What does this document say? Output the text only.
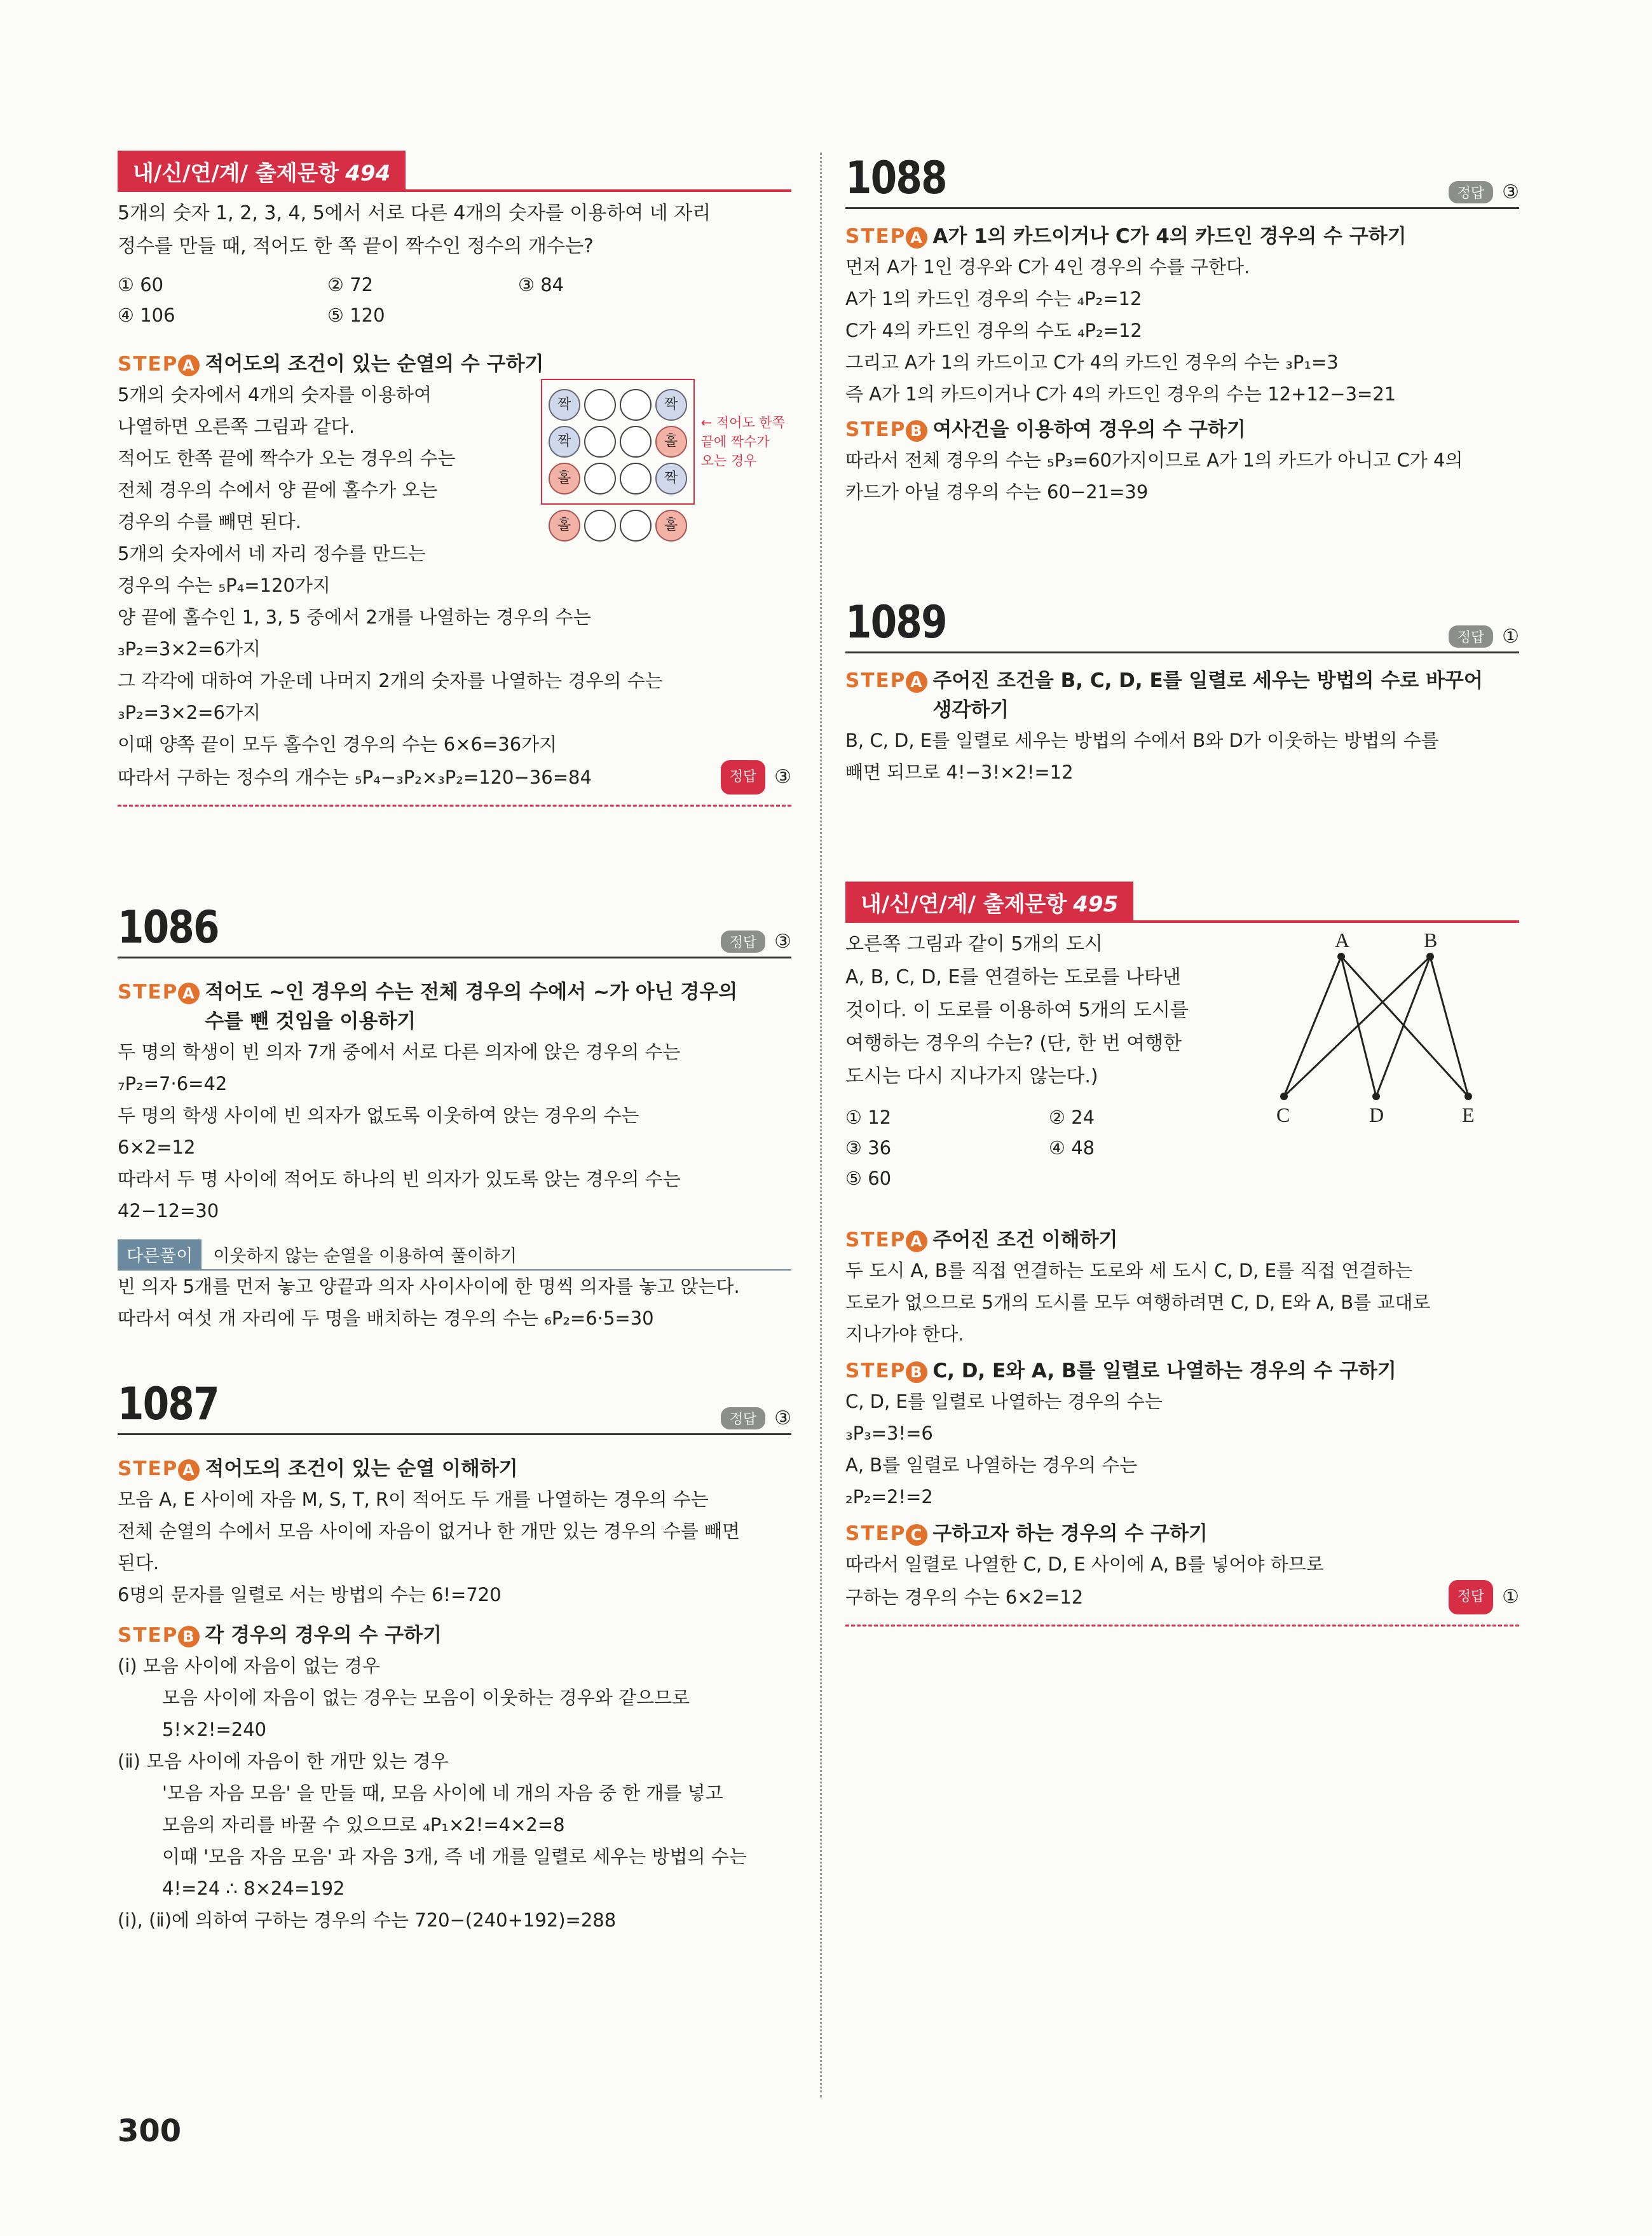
내/신/연/계/ 출제문항 494

5개의 숫자 1, 2, 3, 4, 5에서 서로 다른 4개의 숫자를 이용하여 네 자리

정수를 만들 때, 적어도 한 쪽 끝이 짝수인 정수의 개수는?

① 60	② 72	③ 84
④ 106	⑤ 120
STEP A 적어도의 조건이 있는 순열의 수 구하기

5개의 숫자에서 4개의 숫자를 이용하여

나열하면 오른쪽 그림과 같다.

적어도 한쪽 끝에 짝수가 오는 경우의 수는

전체 경우의 수에서 양 끝에 홀수가 오는

경우의 수를 빼면 된다.

5개의 숫자에서 네 자리 정수를 만드는

경우의 수는 ₅P₄=120가지

양 끝에 홀수인 1, 3, 5 중에서 2개를 나열하는 경우의 수는

₃P₂=3×2=6가지

그 각각에 대하여 가운데 나머지 2개의 숫자를 나열하는 경우의 수는

₃P₂=3×2=6가지

이때 양쪽 끝이 모두 홀수인 경우의 수는 6×6=36가지

따라서 구하는 정수의 개수는 ₅P₄−₃P₂×₃P₂=120−36=84	정답 ③

짝	짝
짝	홀
홀	짝
← 적어도 한쪽
끝에 짝수가
오는 경우
홀	홀
1086	정답 ③
STEP A 적어도 ~인 경우의 수는 전체 경우의 수에서 ~가 아닌 경우의
수를 뺀 것임을 이용하기

두 명의 학생이 빈 의자 7개 중에서 서로 다른 의자에 앉은 경우의 수는

₇P₂=7·6=42

두 명의 학생 사이에 빈 의자가 없도록 이웃하여 앉는 경우의 수는

6×2=12

따라서 두 명 사이에 적어도 하나의 빈 의자가 있도록 앉는 경우의 수는

42−12=30

다른풀이	이웃하지 않는 순열을 이용하여 풀이하기

빈 의자 5개를 먼저 놓고 양끝과 의자 사이사이에 한 명씩 의자를 놓고 앉는다.

따라서 여섯 개 자리에 두 명을 배치하는 경우의 수는 ₆P₂=6·5=30

1087	정답 ③
STEP A 적어도의 조건이 있는 순열 이해하기

모음 A, E 사이에 자음 M, S, T, R이 적어도 두 개를 나열하는 경우의 수는

전체 순열의 수에서 모음 사이에 자음이 없거나 한 개만 있는 경우의 수를 빼면

된다.

6명의 문자를 일렬로 서는 방법의 수는 6!=720

STEP B 각 경우의 경우의 수 구하기

(ⅰ) 모음 사이에 자음이 없는 경우

모음 사이에 자음이 없는 경우는 모음이 이웃하는 경우와 같으므로

5!×2!=240

(ⅱ) 모음 사이에 자음이 한 개만 있는 경우

'모음 자음 모음' 을 만들 때, 모음 사이에 네 개의 자음 중 한 개를 넣고

모음의 자리를 바꿀 수 있으므로 ₄P₁×2!=4×2=8

이때 '모음 자음 모음' 과 자음 3개, 즉 네 개를 일렬로 세우는 방법의 수는

4!=24 ∴ 8×24=192

(ⅰ), (ⅱ)에 의하여 구하는 경우의 수는 720−(240+192)=288

1088	정답 ③
STEP A A가 1의 카드이거나 C가 4의 카드인 경우의 수 구하기

먼저 A가 1인 경우와 C가 4인 경우의 수를 구한다.

A가 1의 카드인 경우의 수는 ₄P₂=12

C가 4의 카드인 경우의 수도 ₄P₂=12

그리고 A가 1의 카드이고 C가 4의 카드인 경우의 수는 ₃P₁=3

즉 A가 1의 카드이거나 C가 4의 카드인 경우의 수는 12+12−3=21

STEP B 여사건을 이용하여 경우의 수 구하기

따라서 전체 경우의 수는 ₅P₃=60가지이므로 A가 1의 카드가 아니고 C가 4의

카드가 아닐 경우의 수는 60−21=39

1089	정답 ①
STEP A 주어진 조건을 B, C, D, E를 일렬로 세우는 방법의 수로 바꾸어
생각하기

B, C, D, E를 일렬로 세우는 방법의 수에서 B와 D가 이웃하는 방법의 수를

빼면 되므로 4!−3!×2!=12

내/신/연/계/ 출제문항 495

오른쪽 그림과 같이 5개의 도시

A, B, C, D, E를 연결하는 도로를 나타낸

것이다. 이 도로를 이용하여 5개의 도시를

여행하는 경우의 수는? (단, 한 번 여행한

도시는 다시 지나가지 않는다.)

A	B
C	D	E
① 12	② 24
③ 36	④ 48
⑤ 60
STEP A 주어진 조건 이해하기

두 도시 A, B를 직접 연결하는 도로와 세 도시 C, D, E를 직접 연결하는

도로가 없으므로 5개의 도시를 모두 여행하려면 C, D, E와 A, B를 교대로

지나가야 한다.

STEP B C, D, E와 A, B를 일렬로 나열하는 경우의 수 구하기

C, D, E를 일렬로 나열하는 경우의 수는

₃P₃=3!=6

A, B를 일렬로 나열하는 경우의 수는

₂P₂=2!=2

STEP C 구하고자 하는 경우의 수 구하기

따라서 일렬로 나열한 C, D, E 사이에 A, B를 넣어야 하므로

구하는 경우의 수는 6×2=12	정답 ①

300
